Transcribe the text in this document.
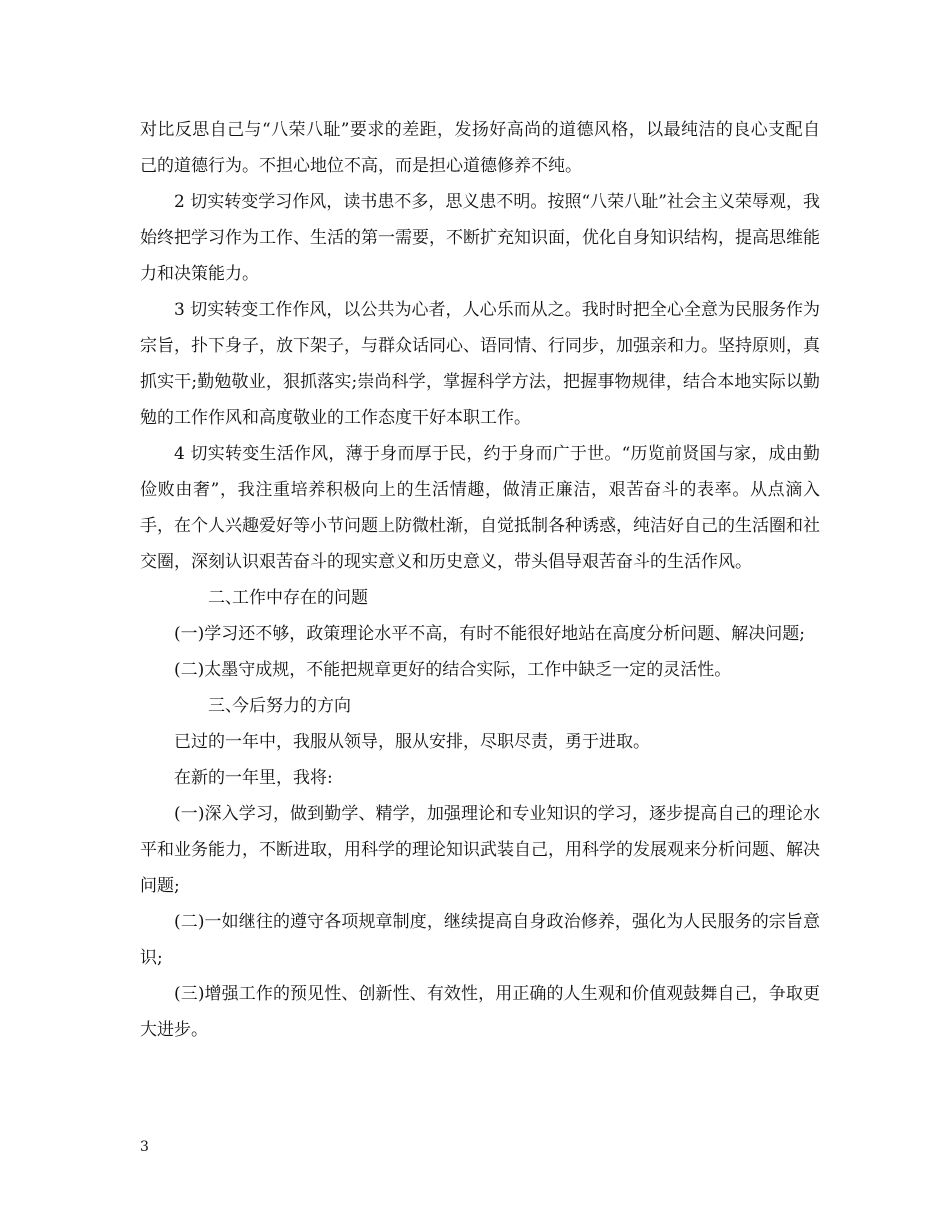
对比反思自己与“八荣八耻”要求的差距，发扬好高尚的道德风格，以最纯洁的良心支配自己的道德行为。不担心地位不高，而是担心道德修养不纯。

2 切实转变学习作风，读书患不多，思义患不明。按照“八荣八耻”社会主义荣辱观，我始终把学习作为工作、生活的第一需要，不断扩充知识面，优化自身知识结构，提高思维能力和决策能力。

3 切实转变工作作风，以公共为心者，人心乐而从之。我时时把全心全意为民服务作为宗旨，扑下身子，放下架子，与群众话同心、语同情、行同步，加强亲和力。坚持原则，真抓实干;勤勉敬业，狠抓落实;崇尚科学，掌握科学方法，把握事物规律，结合本地实际以勤勉的工作作风和高度敬业的工作态度干好本职工作。

4 切实转变生活作风，薄于身而厚于民，约于身而广于世。“历览前贤国与家，成由勤俭败由奢”，我注重培养积极向上的生活情趣，做清正廉洁，艰苦奋斗的表率。从点滴入手，在个人兴趣爱好等小节问题上防微杜渐，自觉抵制各种诱惑，纯洁好自己的生活圈和社交圈，深刻认识艰苦奋斗的现实意义和历史意义，带头倡导艰苦奋斗的生活作风。

二、工作中存在的问题

(一)学习还不够，政策理论水平不高，有时不能很好地站在高度分析问题、解决问题;

(二)太墨守成规，不能把规章更好的结合实际，工作中缺乏一定的灵活性。

三、今后努力的方向

已过的一年中，我服从领导，服从安排，尽职尽责，勇于进取。

在新的一年里，我将:

(一)深入学习，做到勤学、精学，加强理论和专业知识的学习，逐步提高自己的理论水平和业务能力，不断进取，用科学的理论知识武装自己，用科学的发展观来分析问题、解决问题;

(二)一如继往的遵守各项规章制度，继续提高自身政治修养，强化为人民服务的宗旨意识;

(三)增强工作的预见性、创新性、有效性，用正确的人生观和价值观鼓舞自己，争取更大进步。

3
